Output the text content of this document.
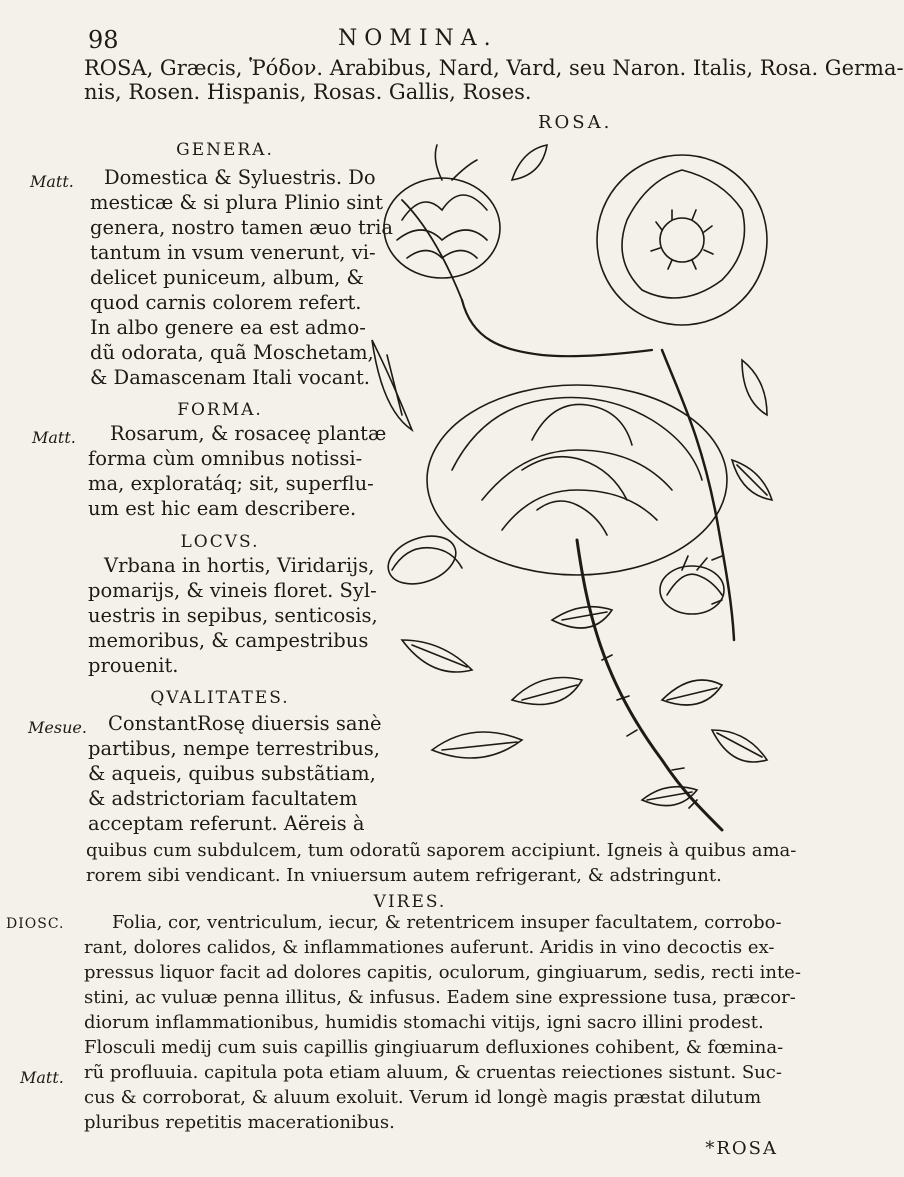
98	NOMINA.
ROSA, Græcis, Ῥόδον. Arabibus, Nard, Vard, seu Naron. Italis, Rosa. Germa-
nis, Rosen. Hispanis, Rosas. Gallis, Roses.
ROSA.
GENERA.
Matt. Domestica & Syluestris. Do
mesticæ & si plura Plinio sint
genera, nostro tamen æuo tria
tantum in vsum venerunt, vi-
delicet puniceum, album, &
quod carnis colorem refert.
In albo genere ea est admo-
dũ odorata, quã Moschetam,
& Damascenam Itali vocant.
FORMA.
Matt. Rosarum, & rosaceę plantæ
forma cùm omnibus notissi-
ma, exploratáq; sit, superflu-
um est hic eam describere.
LOCVS.
Vrbana in hortis, Viridarijs,
pomarijs, & vineis floret. Syl-
uestris in sepibus, senticosis,
memoribus, & campestribus
prouenit.
QVALITATES.
Mesue. ConstantRosę diuersis sanè
partibus, nempe terrestribus,
& aqueis, quibus substãtiam,
& adstrictoriam facultatem
acceptam referunt. Aëreis à
quibus cum subdulcem, tum odoratũ saporem accipiunt. Igneis à quibus ama-
rorem sibi vendicant. In vniuersum autem refrigerant, & adstringunt.
VIRES.
DIOSC.
Matt.
Folia, cor, ventriculum, iecur, & retentricem insuper facultatem, corrobo-
rant, dolores calidos, & inflammationes auferunt. Aridis in vino decoctis ex-
pressus liquor facit ad dolores capitis, oculorum, gingiuarum, sedis, recti inte-
stini, ac vuluæ penna illitus, & infusus. Eadem sine expressione tusa, præcor-
diorum inflammationibus, humidis stomachi vitijs, igni sacro illini prodest.
Flosculi medij cum suis capillis gingiuarum defluxiones cohibent, & fœmina-
rũ profluuia. capitula pota etiam aluum, & cruentas reiectiones sistunt. Suc-
cus & corroborat, & aluum exoluit. Verum id longè magis præstat dilutum
pluribus repetitis macerationibus.
*ROSA
